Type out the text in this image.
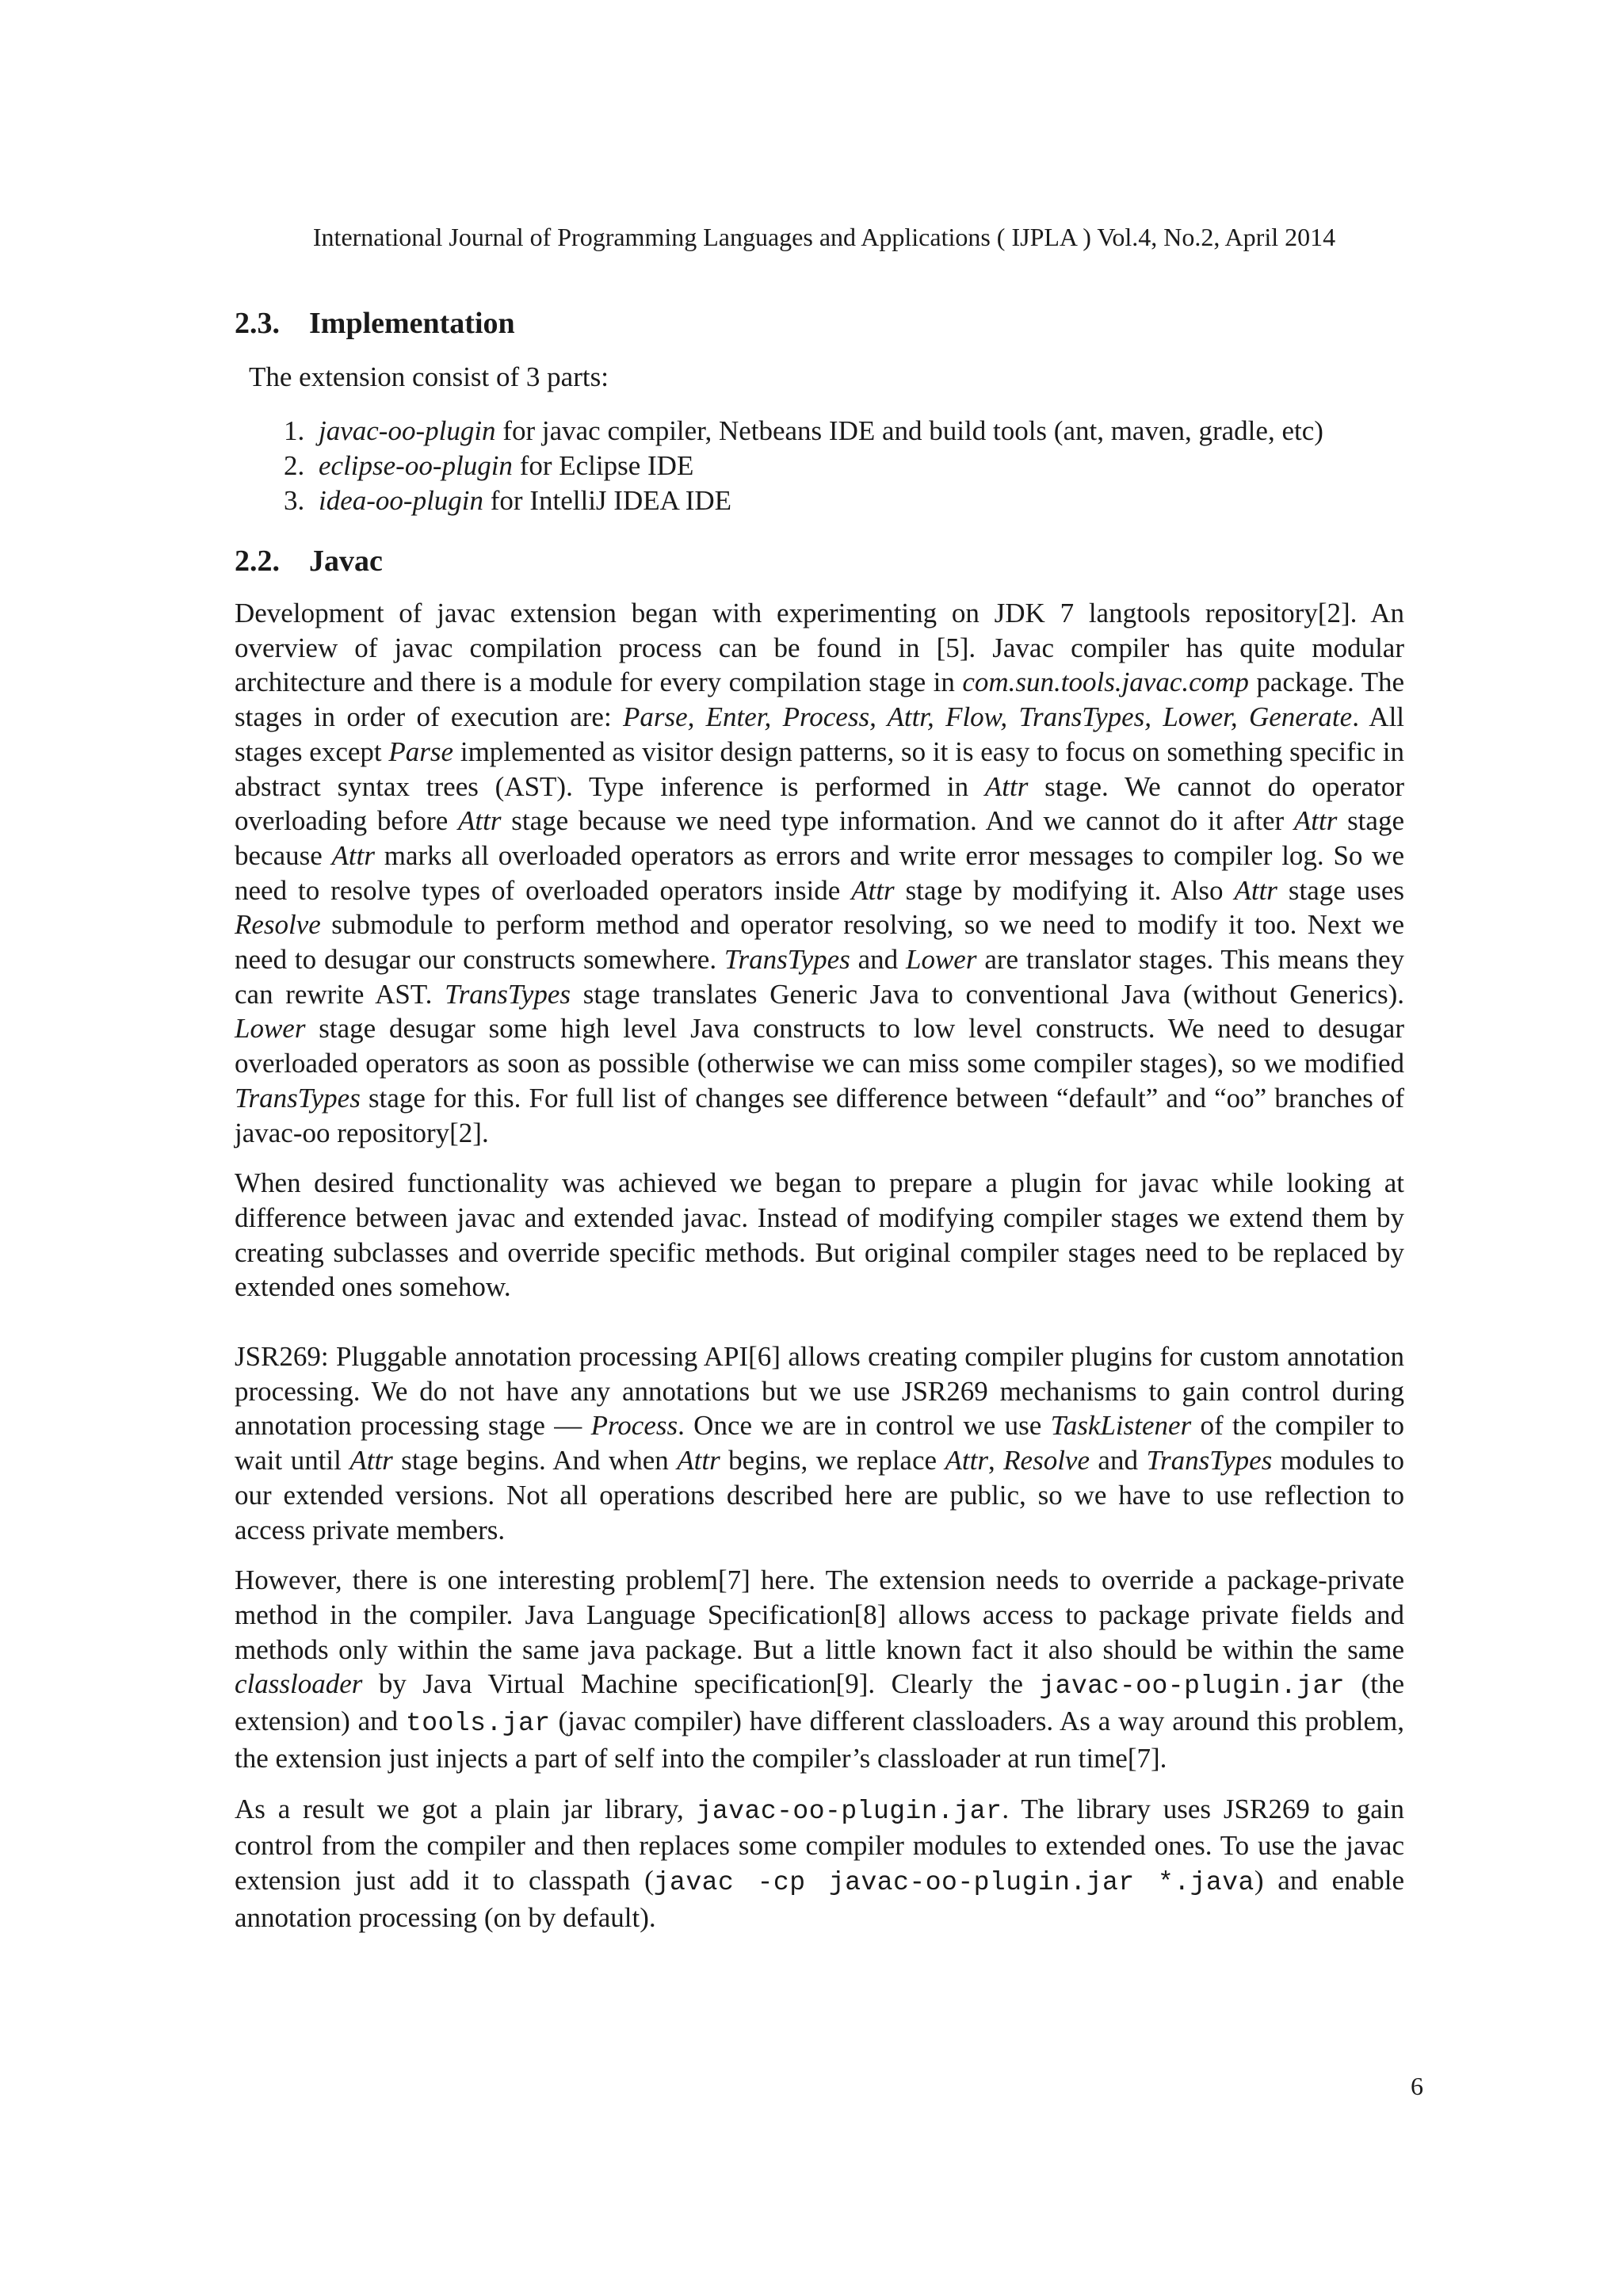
International Journal of Programming Languages and Applications ( IJPLA ) Vol.4, No.2, April 2014
2.3. Implementation

The extension consist of 3 parts:

1. javac-oo-plugin for javac compiler, Netbeans IDE and build tools (ant, maven, gradle, etc)
2. eclipse-oo-plugin for Eclipse IDE
3. idea-oo-plugin for IntelliJ IDEA IDE
2.2. Javac

Development of javac extension began with experimenting on JDK 7 langtools repository[2]. An overview of javac compilation process can be found in [5]. Javac compiler has quite modular architecture and there is a module for every compilation stage in com.sun.tools.javac.comp package. The stages in order of execution are: Parse, Enter, Process, Attr, Flow, TransTypes, Lower, Generate. All stages except Parse implemented as visitor design patterns, so it is easy to focus on something specific in abstract syntax trees (AST). Type inference is performed in Attr stage. We cannot do operator overloading before Attr stage because we need type information. And we cannot do it after Attr stage because Attr marks all overloaded operators as errors and write error messages to compiler log. So we need to resolve types of overloaded operators inside Attr stage by modifying it. Also Attr stage uses Resolve submodule to perform method and operator resolving, so we need to modify it too. Next we need to desugar our constructs somewhere. TransTypes and Lower are translator stages. This means they can rewrite AST. TransTypes stage translates Generic Java to conventional Java (without Generics). Lower stage desugar some high level Java constructs to low level constructs. We need to desugar overloaded operators as soon as possible (otherwise we can miss some compiler stages), so we modified TransTypes stage for this. For full list of changes see difference between “default” and “oo” branches of javac-oo repository[2].

When desired functionality was achieved we began to prepare a plugin for javac while looking at difference between javac and extended javac. Instead of modifying compiler stages we extend them by creating subclasses and override specific methods. But original compiler stages need to be replaced by extended ones somehow.

JSR269: Pluggable annotation processing API[6] allows creating compiler plugins for custom annotation processing. We do not have any annotations but we use JSR269 mechanisms to gain control during annotation processing stage — Process. Once we are in control we use TaskListener of the compiler to wait until Attr stage begins. And when Attr begins, we replace Attr, Resolve and TransTypes modules to our extended versions. Not all operations described here are public, so we have to use reflection to access private members.

However, there is one interesting problem[7] here. The extension needs to override a package-private method in the compiler. Java Language Specification[8] allows access to package private fields and methods only within the same java package. But a little known fact it also should be within the same classloader by Java Virtual Machine specification[9]. Clearly the javac-oo-plugin.jar (the extension) and tools.jar (javac compiler) have different classloaders. As a way around this problem, the extension just injects a part of self into the compiler’s classloader at run time[7].

As a result we got a plain jar library, javac-oo-plugin.jar. The library uses JSR269 to gain control from the compiler and then replaces some compiler modules to extended ones. To use the javac extension just add it to classpath (javac -cp javac-oo-plugin.jar *.java) and enable annotation processing (on by default).

6
